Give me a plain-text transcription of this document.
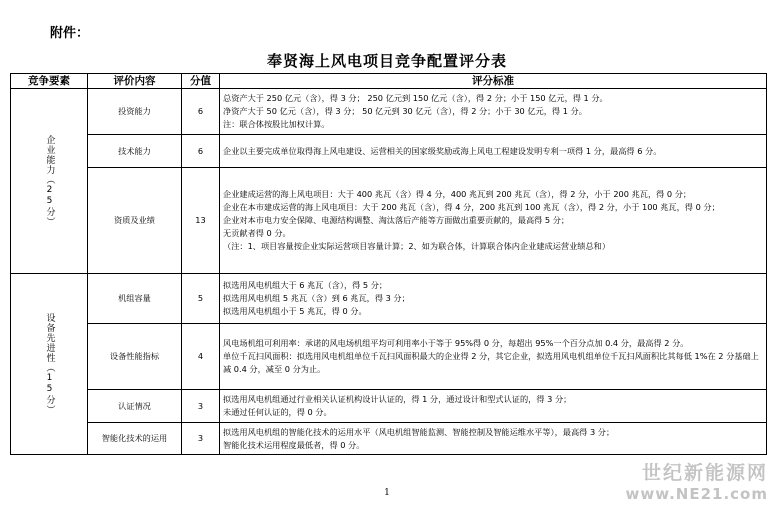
附件：
奉贤海上风电项目竞争配置评分表
竞争要素	评价内容	分值	评分标准

企业能力（25分）	投资能力	6	总资产大于 250 亿元（含），得 3 分； 250 亿元到 150 亿元（含），得 2 分；小于 150 亿元，得 1 分。
净资产大于 50 亿元（含），得 3 分； 50 亿元到 30 亿元（含），得 2 分；小于 30 亿元，得 1 分。
注：联合体按股比加权计算。

	技术能力	6	企业以主要完成单位取得海上风电建设、运营相关的国家级奖励或海上风电工程建设发明专利一项得 1 分，最高得 6 分。

	资质及业绩	13	企业建成运营的海上风电项目：大于 400 兆瓦（含）得 4 分，400 兆瓦到 200 兆瓦（含），得 2 分，小于 200 兆瓦，得 0 分；
企业在本市建成运营的海上风电项目：大于 200 兆瓦（含），得 4 分，200 兆瓦到 100 兆瓦（含），得 2 分，小于 100 兆瓦，得 0 分；
企业对本市电力安全保障、电源结构调整、淘汰落后产能等方面做出重要贡献的，最高得 5 分；
无贡献者得 0 分。
（注：1、项目容量按企业实际运营项目容量计算；2、如为联合体，计算联合体内企业建成运营业绩总和）

设备先进性（15分）	机组容量	5	拟选用风电机组大于 6 兆瓦（含），得 5 分；
拟选用风电机组 5 兆瓦（含）到 6 兆瓦，得 3 分；
拟选用风电机组小于 5 兆瓦，得 0 分。

	设备性能指标	4	风电场机组可利用率：承诺的风电场机组平均可利用率小于等于 95%得 0 分，每超出 95%一个百分点加 0.4 分，最高得 2 分。
单位千瓦扫风面积：拟选用风电机组单位千瓦扫风面积最大的企业得 2 分，其它企业，拟选用风电机组单位千瓦扫风面积比其每低 1%在 2 分基础上减 0.4 分，减至 0 分为止。

	认证情况	3	拟选用风电机组通过行业相关认证机构设计认证的，得 1 分，通过设计和型式认证的，得 3 分；
未通过任何认证的，得 0 分。

	智能化技术的运用	3	拟选用风电机组的智能化技术的运用水平（风电机组智能监测、智能控制及智能运维水平等），最高得 3 分；
智能化技术运用程度最低者，得 0 分。
1
世纪新能源网
www.NE21.com
